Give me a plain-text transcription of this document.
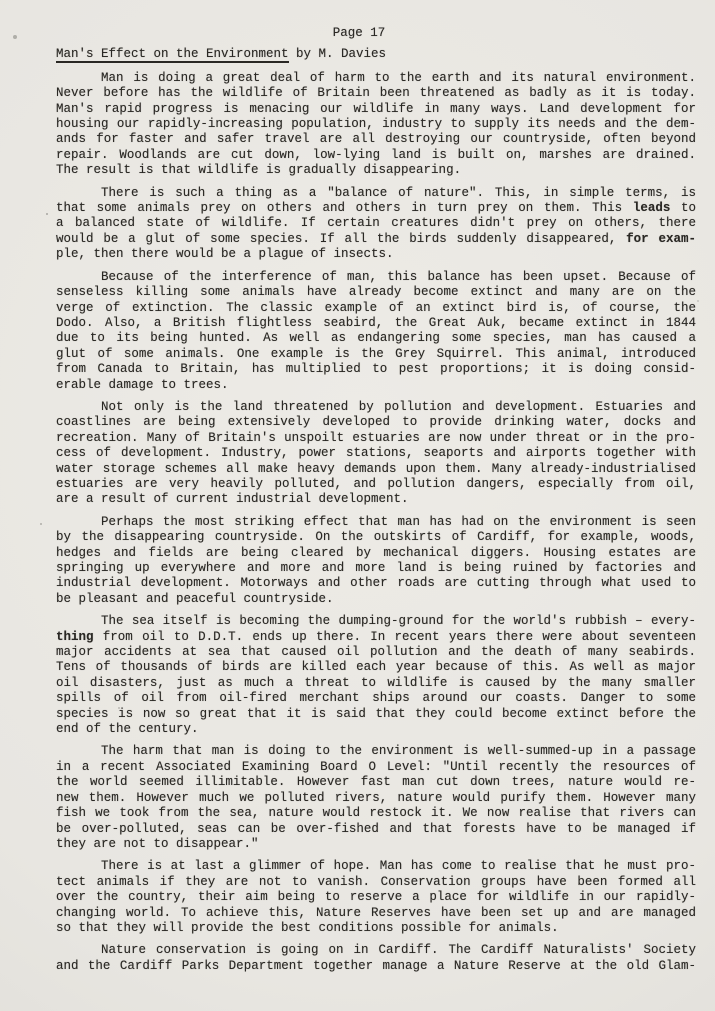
Page 17
Man's Effect on the Environment by M. Davies
Man is doing a great deal of harm to the earth and its natural environment.
Never before has the wildlife of Britain been threatened as badly as it is today.
Man's rapid progress is menacing our wildlife in many ways. Land development for
housing our rapidly-increasing population, industry to supply its needs and the dem-
ands for faster and safer travel are all destroying our countryside, often beyond
repair. Woodlands are cut down, low-lying land is built on, marshes are drained.
The result is that wildlife is gradually disappearing.
There is such a thing as a "balance of nature". This, in simple terms, is
that some animals prey on others and others in turn prey on them. This leads to
a balanced state of wildlife. If certain creatures didn't prey on others, there
would be a glut of some species. If all the birds suddenly disappeared, for exam-
ple, then there would be a plague of insects.
Because of the interference of man, this balance has been upset. Because of
senseless killing some animals have already become extinct and many are on the
verge of extinction. The classic example of an extinct bird is, of course, the
Dodo. Also, a British flightless seabird, the Great Auk, became extinct in 1844
due to its being hunted. As well as endangering some species, man has caused a
glut of some animals. One example is the Grey Squirrel. This animal, introduced
from Canada to Britain, has multiplied to pest proportions; it is doing consid-
erable damage to trees.
Not only is the land threatened by pollution and development. Estuaries and
coastlines are being extensively developed to provide drinking water, docks and
recreation. Many of Britain's unspoilt estuaries are now under threat or in the pro-
cess of development. Industry, power stations, seaports and airports together with
water storage schemes all make heavy demands upon them. Many already-industrialised
estuaries are very heavily polluted, and pollution dangers, especially from oil,
are a result of current industrial development.
Perhaps the most striking effect that man has had on the environment is seen
by the disappearing countryside. On the outskirts of Cardiff, for example, woods,
hedges and fields are being cleared by mechanical diggers. Housing estates are
springing up everywhere and more and more land is being ruined by factories and
industrial development. Motorways and other roads are cutting through what used to
be pleasant and peaceful countryside.
The sea itself is becoming the dumping-ground for the world's rubbish – every-
thing from oil to D.D.T. ends up there. In recent years there were about seventeen
major accidents at sea that caused oil pollution and the death of many seabirds.
Tens of thousands of birds are killed each year because of this. As well as major
oil disasters, just as much a threat to wildlife is caused by the many smaller
spills of oil from oil-fired merchant ships around our coasts. Danger to some
species is now so great that it is said that they could become extinct before the
end of the century.
The harm that man is doing to the environment is well-summed-up in a passage
in a recent Associated Examining Board O Level: "Until recently the resources of
the world seemed illimitable. However fast man cut down trees, nature would re-
new them. However much we polluted rivers, nature would purify them. However many
fish we took from the sea, nature would restock it. We now realise that rivers can
be over-polluted, seas can be over-fished and that forests have to be managed if
they are not to disappear."
There is at last a glimmer of hope. Man has come to realise that he must pro-
tect animals if they are not to vanish. Conservation groups have been formed all
over the country, their aim being to reserve a place for wildlife in our rapidly-
changing world. To achieve this, Nature Reserves have been set up and are managed
so that they will provide the best conditions possible for animals.
Nature conservation is going on in Cardiff. The Cardiff Naturalists' Society
and the Cardiff Parks Department together manage a Nature Reserve at the old Glam-
